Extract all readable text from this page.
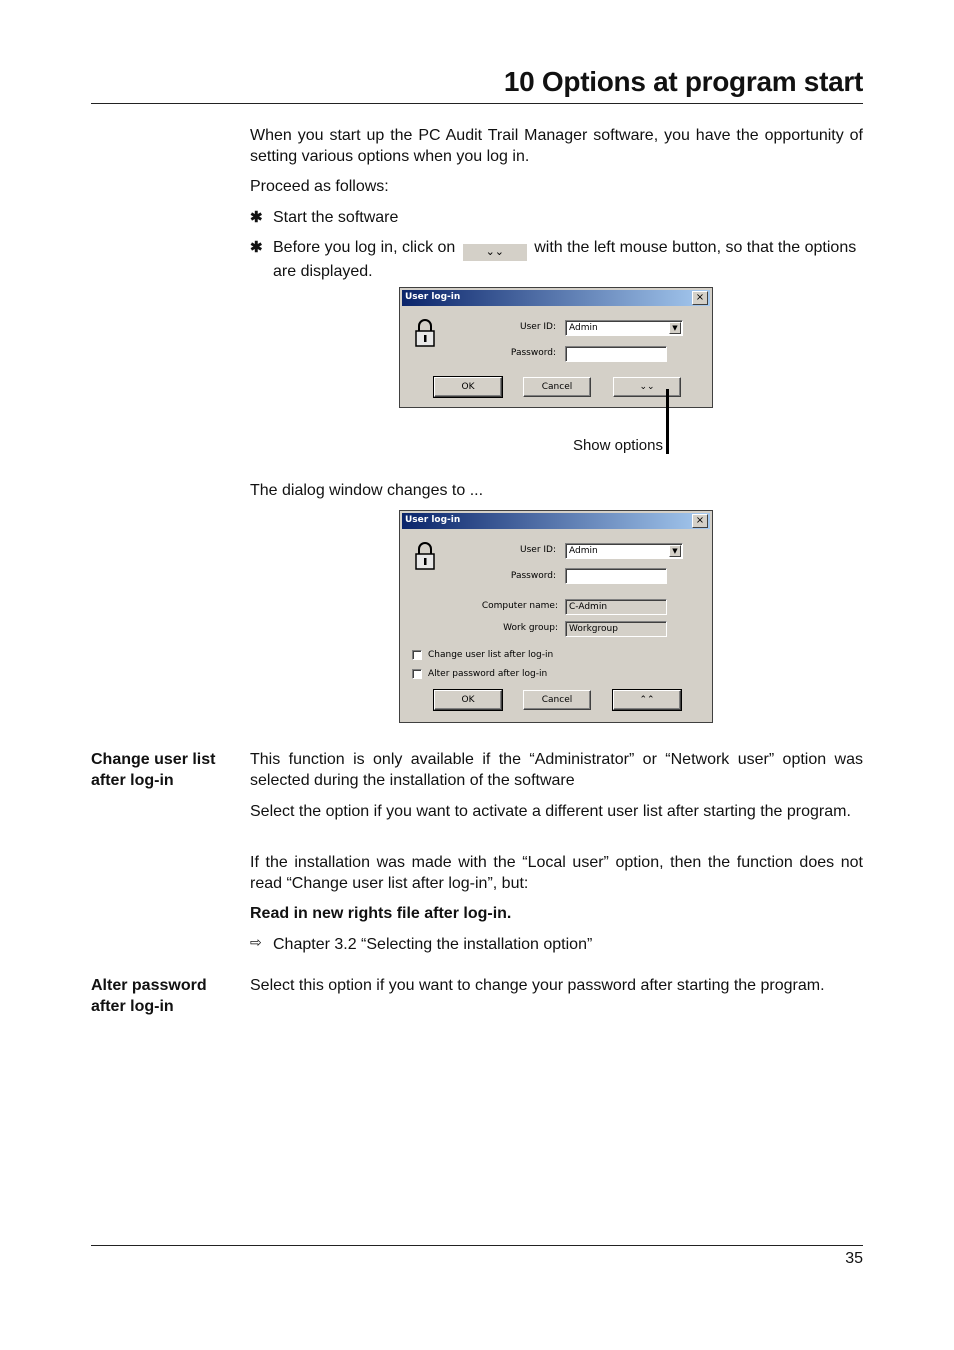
10 Options at program start
When you start up the PC Audit Trail Manager software, you have the opportunity of setting various options when you log in.
Proceed as follows:
✱ Start the software
✱ Before you log in, click on	⌄⌄ with the left mouse button, so that the options are displayed.
User log-in	×
User ID:	Admin	▼
Password:
OK	Cancel	⌄⌄
Show options
The dialog window changes to ...
User log-in	×
User ID:	Admin	▼
Password:
Computer name:	C-Admin
Work group:	Workgroup
Change user list after log-in
Alter password after log-in
OK	Cancel	⌃⌃
Change user list
after log-in
This function is only available if the “Administrator” or “Network user” option was selected during the installation of the software
Select the option if you want to activate a different user list after starting the program.
If the installation was made with the “Local user” option, then the function does not read “Change user list after log-in”, but:
Read in new rights file after log-in.
⇨ Chapter 3.2 “Selecting the installation option”
Alter password
after log-in
Select this option if you want to change your password after starting the program.
35
